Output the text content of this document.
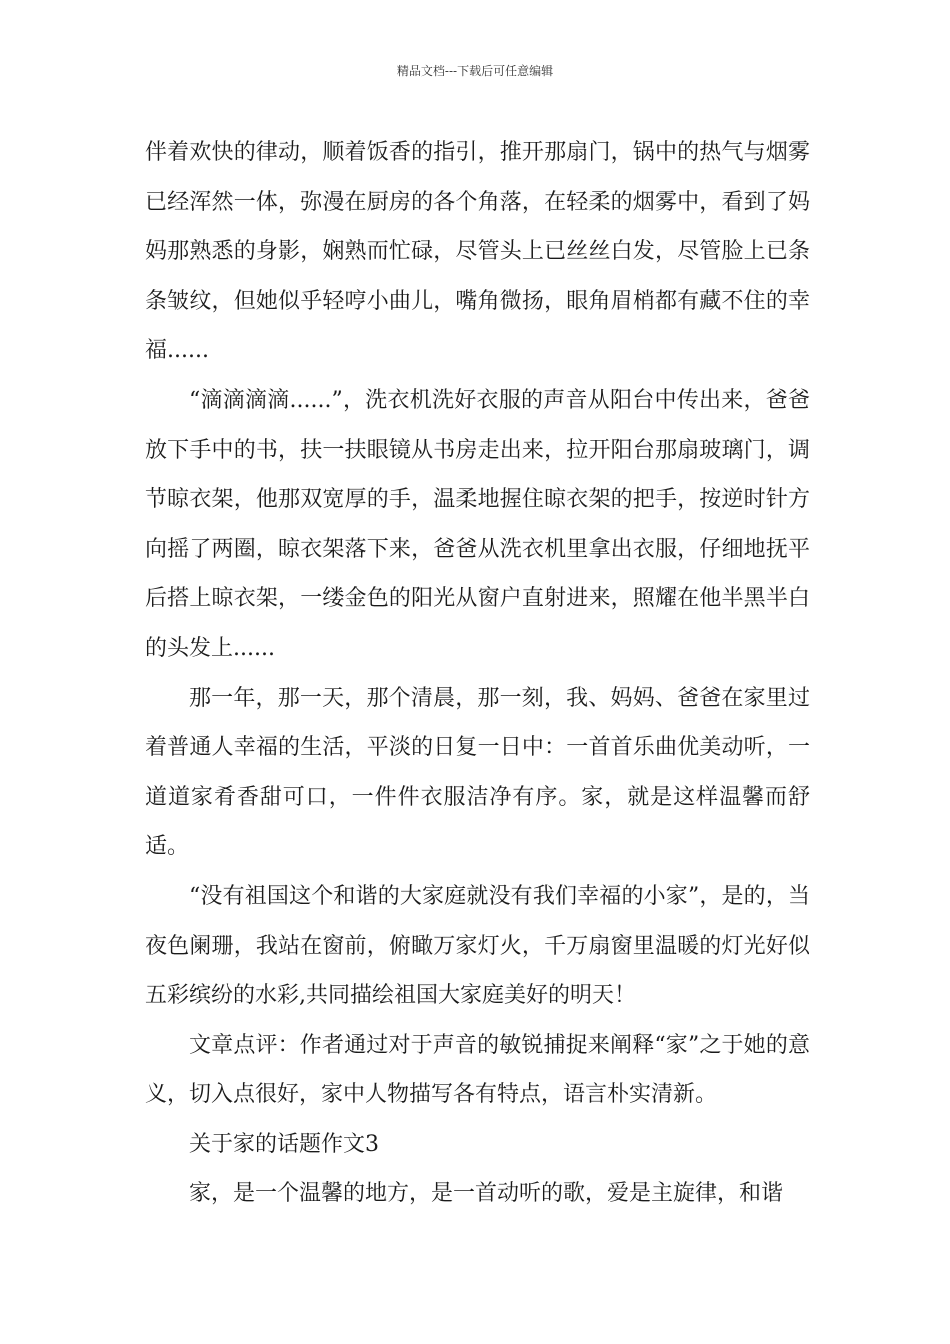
精品文档---下载后可任意编辑

伴着欢快的律动，顺着饭香的指引，推开那扇门，锅中的热气与烟雾已经浑然一体，弥漫在厨房的各个角落，在轻柔的烟雾中，看到了妈妈那熟悉的身影，娴熟而忙碌，尽管头上已丝丝白发，尽管脸上已条条皱纹，但她似乎轻哼小曲儿，嘴角微扬，眼角眉梢都有藏不住的幸福......

“滴滴滴滴......”，洗衣机洗好衣服的声音从阳台中传出来，爸爸放下手中的书，扶一扶眼镜从书房走出来，拉开阳台那扇玻璃门，调节晾衣架，他那双宽厚的手，温柔地握住晾衣架的把手，按逆时针方向摇了两圈，晾衣架落下来，爸爸从洗衣机里拿出衣服，仔细地抚平后搭上晾衣架，一缕金色的阳光从窗户直射进来，照耀在他半黑半白的头发上......

那一年，那一天，那个清晨，那一刻，我、妈妈、爸爸在家里过着普通人幸福的生活，平淡的日复一日中：一首首乐曲优美动听，一道道家肴香甜可口，一件件衣服洁净有序。家，就是这样温馨而舒适。

“没有祖国这个和谐的大家庭就没有我们幸福的小家”，是的，当夜色阑珊，我站在窗前，俯瞰万家灯火，千万扇窗里温暖的灯光好似五彩缤纷的水彩,共同描绘祖国大家庭美好的明天！

文章点评：作者通过对于声音的敏锐捕捉来阐释“家”之于她的意义，切入点很好，家中人物描写各有特点，语言朴实清新。

关于家的话题作文3

家，是一个温馨的地方，是一首动听的歌，爱是主旋律，和谐
